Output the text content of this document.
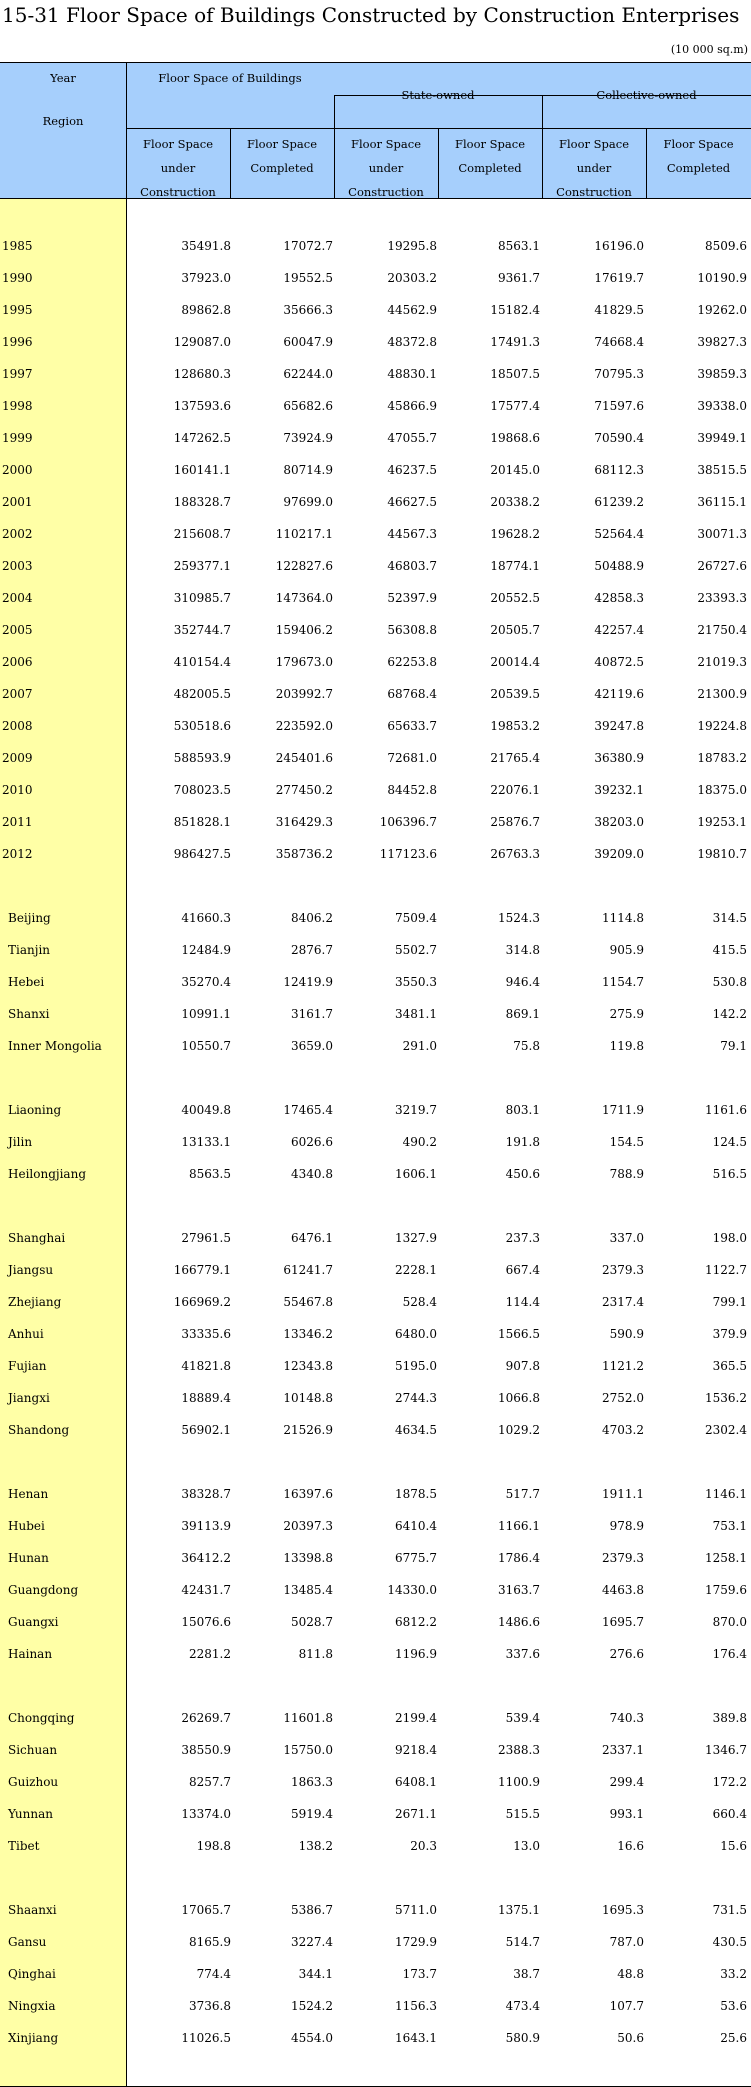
15-31 Floor Space of Buildings Constructed by Construction Enterprises
(10 000 sq.m)
Year
Region
Floor Space of Buildings
State-owned	Collective-owned
Floor Space
under
Construction
Floor Space
Completed
Floor Space
under
Construction
Floor Space
Completed
Floor Space
under
Construction
Floor Space
Completed
1985	35491.8	17072.7	19295.8	8563.1	16196.0	8509.6
1990	37923.0	19552.5	20303.2	9361.7	17619.7	10190.9
1995	89862.8	35666.3	44562.9	15182.4	41829.5	19262.0
1996	129087.0	60047.9	48372.8	17491.3	74668.4	39827.3
1997	128680.3	62244.0	48830.1	18507.5	70795.3	39859.3
1998	137593.6	65682.6	45866.9	17577.4	71597.6	39338.0
1999	147262.5	73924.9	47055.7	19868.6	70590.4	39949.1
2000	160141.1	80714.9	46237.5	20145.0	68112.3	38515.5
2001	188328.7	97699.0	46627.5	20338.2	61239.2	36115.1
2002	215608.7	110217.1	44567.3	19628.2	52564.4	30071.3
2003	259377.1	122827.6	46803.7	18774.1	50488.9	26727.6
2004	310985.7	147364.0	52397.9	20552.5	42858.3	23393.3
2005	352744.7	159406.2	56308.8	20505.7	42257.4	21750.4
2006	410154.4	179673.0	62253.8	20014.4	40872.5	21019.3
2007	482005.5	203992.7	68768.4	20539.5	42119.6	21300.9
2008	530518.6	223592.0	65633.7	19853.2	39247.8	19224.8
2009	588593.9	245401.6	72681.0	21765.4	36380.9	18783.2
2010	708023.5	277450.2	84452.8	22076.1	39232.1	18375.0
2011	851828.1	316429.3	106396.7	25876.7	38203.0	19253.1
2012	986427.5	358736.2	117123.6	26763.3	39209.0	19810.7
Beijing	41660.3	8406.2	7509.4	1524.3	1114.8	314.5
Tianjin	12484.9	2876.7	5502.7	314.8	905.9	415.5
Hebei	35270.4	12419.9	3550.3	946.4	1154.7	530.8
Shanxi	10991.1	3161.7	3481.1	869.1	275.9	142.2
Inner Mongolia	10550.7	3659.0	291.0	75.8	119.8	79.1
Liaoning	40049.8	17465.4	3219.7	803.1	1711.9	1161.6
Jilin	13133.1	6026.6	490.2	191.8	154.5	124.5
Heilongjiang	8563.5	4340.8	1606.1	450.6	788.9	516.5
Shanghai	27961.5	6476.1	1327.9	237.3	337.0	198.0
Jiangsu	166779.1	61241.7	2228.1	667.4	2379.3	1122.7
Zhejiang	166969.2	55467.8	528.4	114.4	2317.4	799.1
Anhui	33335.6	13346.2	6480.0	1566.5	590.9	379.9
Fujian	41821.8	12343.8	5195.0	907.8	1121.2	365.5
Jiangxi	18889.4	10148.8	2744.3	1066.8	2752.0	1536.2
Shandong	56902.1	21526.9	4634.5	1029.2	4703.2	2302.4
Henan	38328.7	16397.6	1878.5	517.7	1911.1	1146.1
Hubei	39113.9	20397.3	6410.4	1166.1	978.9	753.1
Hunan	36412.2	13398.8	6775.7	1786.4	2379.3	1258.1
Guangdong	42431.7	13485.4	14330.0	3163.7	4463.8	1759.6
Guangxi	15076.6	5028.7	6812.2	1486.6	1695.7	870.0
Hainan	2281.2	811.8	1196.9	337.6	276.6	176.4
Chongqing	26269.7	11601.8	2199.4	539.4	740.3	389.8
Sichuan	38550.9	15750.0	9218.4	2388.3	2337.1	1346.7
Guizhou	8257.7	1863.3	6408.1	1100.9	299.4	172.2
Yunnan	13374.0	5919.4	2671.1	515.5	993.1	660.4
Tibet	198.8	138.2	20.3	13.0	16.6	15.6
Shaanxi	17065.7	5386.7	5711.0	1375.1	1695.3	731.5
Gansu	8165.9	3227.4	1729.9	514.7	787.0	430.5
Qinghai	774.4	344.1	173.7	38.7	48.8	33.2
Ningxia	3736.8	1524.2	1156.3	473.4	107.7	53.6
Xinjiang	11026.5	4554.0	1643.1	580.9	50.6	25.6
